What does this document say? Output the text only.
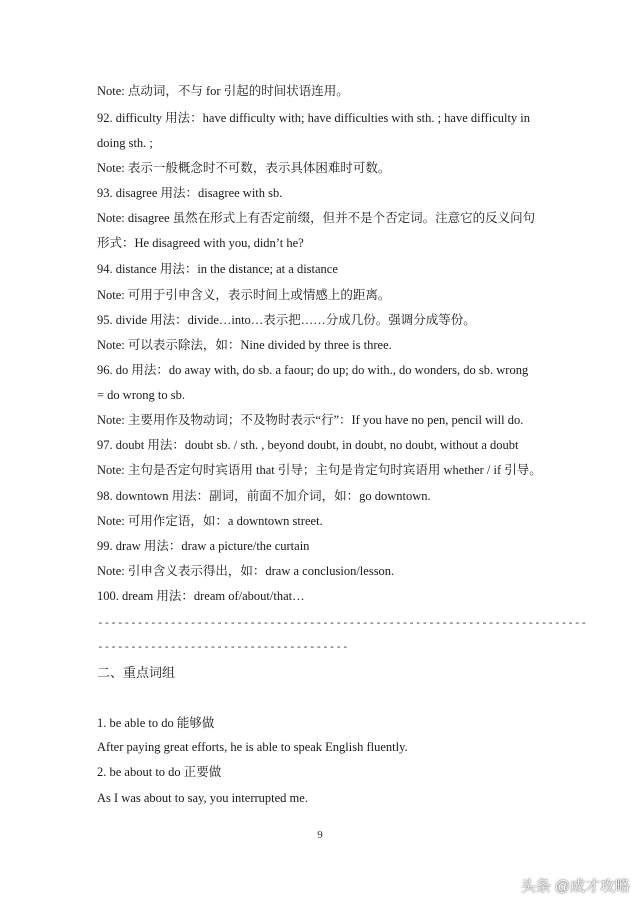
Note: 点动词，不与 for 引起的时间状语连用。
92. difficulty 用法：have difficulty with; have difficulties with sth. ; have difficulty in
doing sth. ;
Note: 表示一般概念时不可数，表示具体困难时可数。
93. disagree 用法：disagree with sb.
Note: disagree 虽然在形式上有否定前缀，但并不是个否定词。注意它的反义问句
形式：He disagreed with you, didn’t he?
94. distance 用法：in the distance; at a distance
Note: 可用于引申含义，表示时间上或情感上的距离。
95. divide 用法：divide…into…表示把……分成几份。强调分成等份。
Note: 可以表示除法，如：Nine divided by three is three.
96. do 用法：do away with, do sb. a faour; do up; do with., do wonders, do sb. wrong
= do wrong to sb.
Note: 主要用作及物动词；不及物时表示“行”：If you have no pen, pencil will do.
97. doubt 用法：doubt sb. / sth. , beyond doubt, in doubt, no doubt, without a doubt
Note: 主句是否定句时宾语用 that 引导；主句是肯定句时宾语用 whether / if 引导。
98. downtown 用法：副词，前面不加介词，如：go downtown.
Note: 可用作定语，如：a downtown street.
99. draw 用法：draw a picture/the curtain
Note: 引申含义表示得出，如：draw a conclusion/lesson.
100. dream 用法：dream of/about/that…
--------------------------------------------------------------------------
--------------------------------------
二、重点词组
1. be able to do 能够做
After paying great efforts, he is able to speak English fluently.
2. be about to do 正要做
As I was about to say, you interrupted me.
9
头条 @成才攻略
